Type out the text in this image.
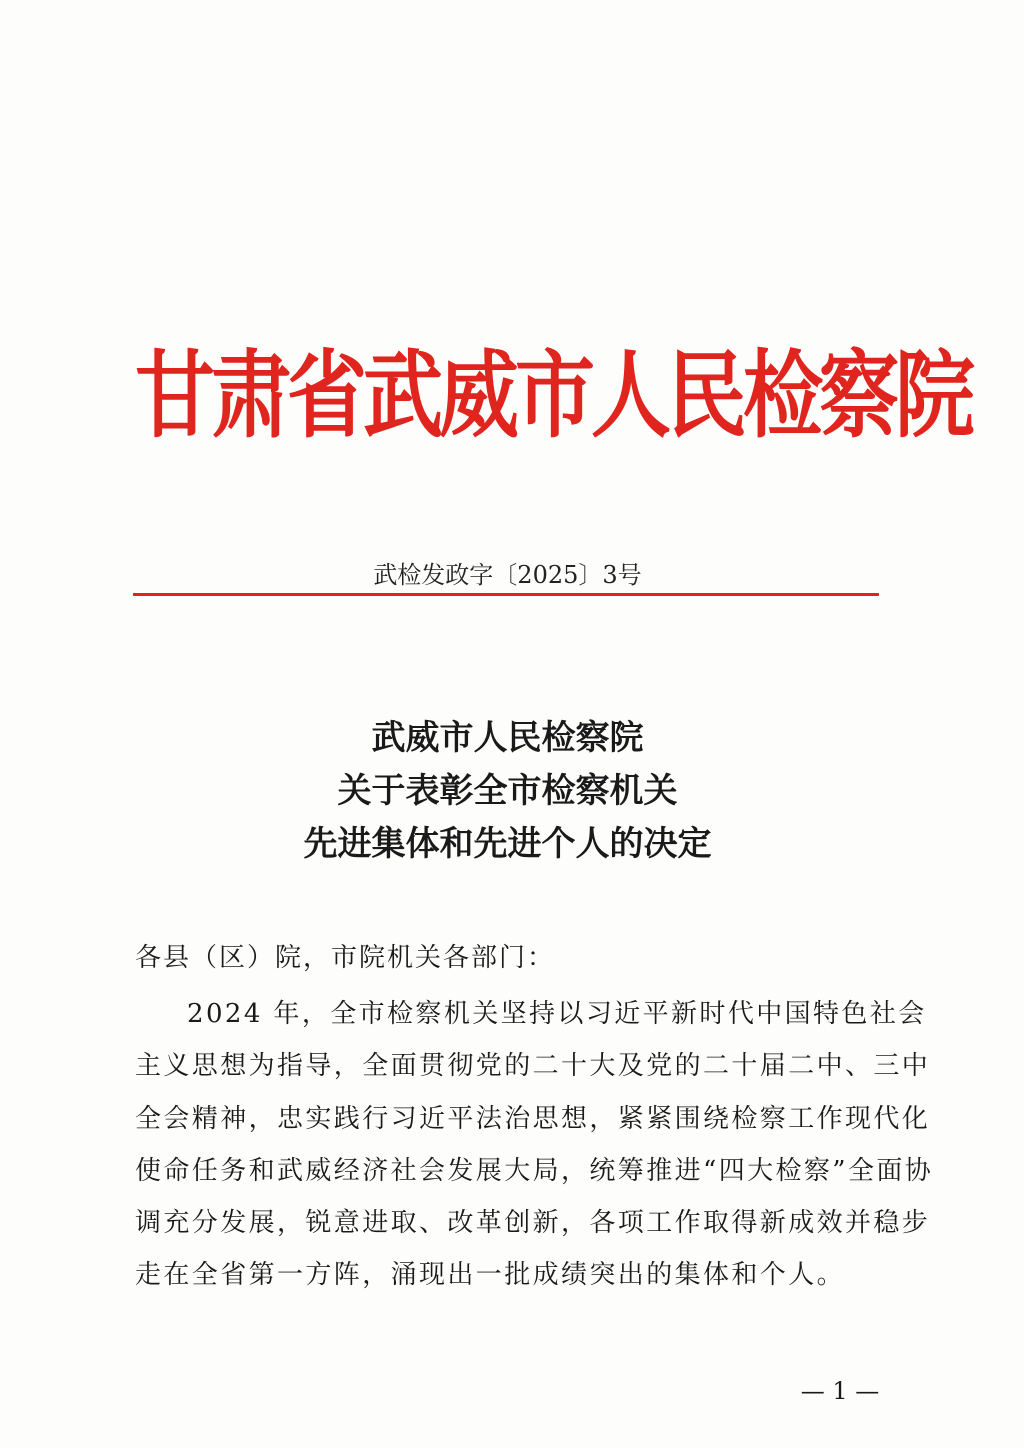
甘肃省武威市人民检察院
武检发政字〔2025〕3号
武威市人民检察院
关于表彰全市检察机关
先进集体和先进个人的决定
各县（区）院，市院机关各部门：
2024 年，全市检察机关坚持以习近平新时代中国特色社会
主义思想为指导，全面贯彻党的二十大及党的二十届二中、三中
全会精神，忠实践行习近平法治思想，紧紧围绕检察工作现代化
使命任务和武威经济社会发展大局，统筹推进“四大检察”全面协
调充分发展，锐意进取、改革创新，各项工作取得新成效并稳步
走在全省第一方阵，涌现出一批成绩突出的集体和个人。
— 1 —
